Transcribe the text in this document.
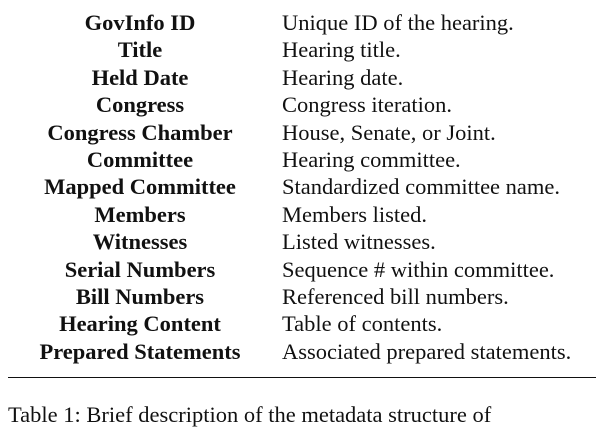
GovInfo ID	Unique ID of the hearing.
Title	Hearing title.
Held Date	Hearing date.
Congress	Congress iteration.
Congress Chamber	House, Senate, or Joint.
Committee	Hearing committee.
Mapped Committee	Standardized committee name.
Members	Members listed.
Witnesses	Listed witnesses.
Serial Numbers	Sequence # within committee.
Bill Numbers	Referenced bill numbers.
Hearing Content	Table of contents.
Prepared Statements	Associated prepared statements.
Table 1: Brief description of the metadata structure of
